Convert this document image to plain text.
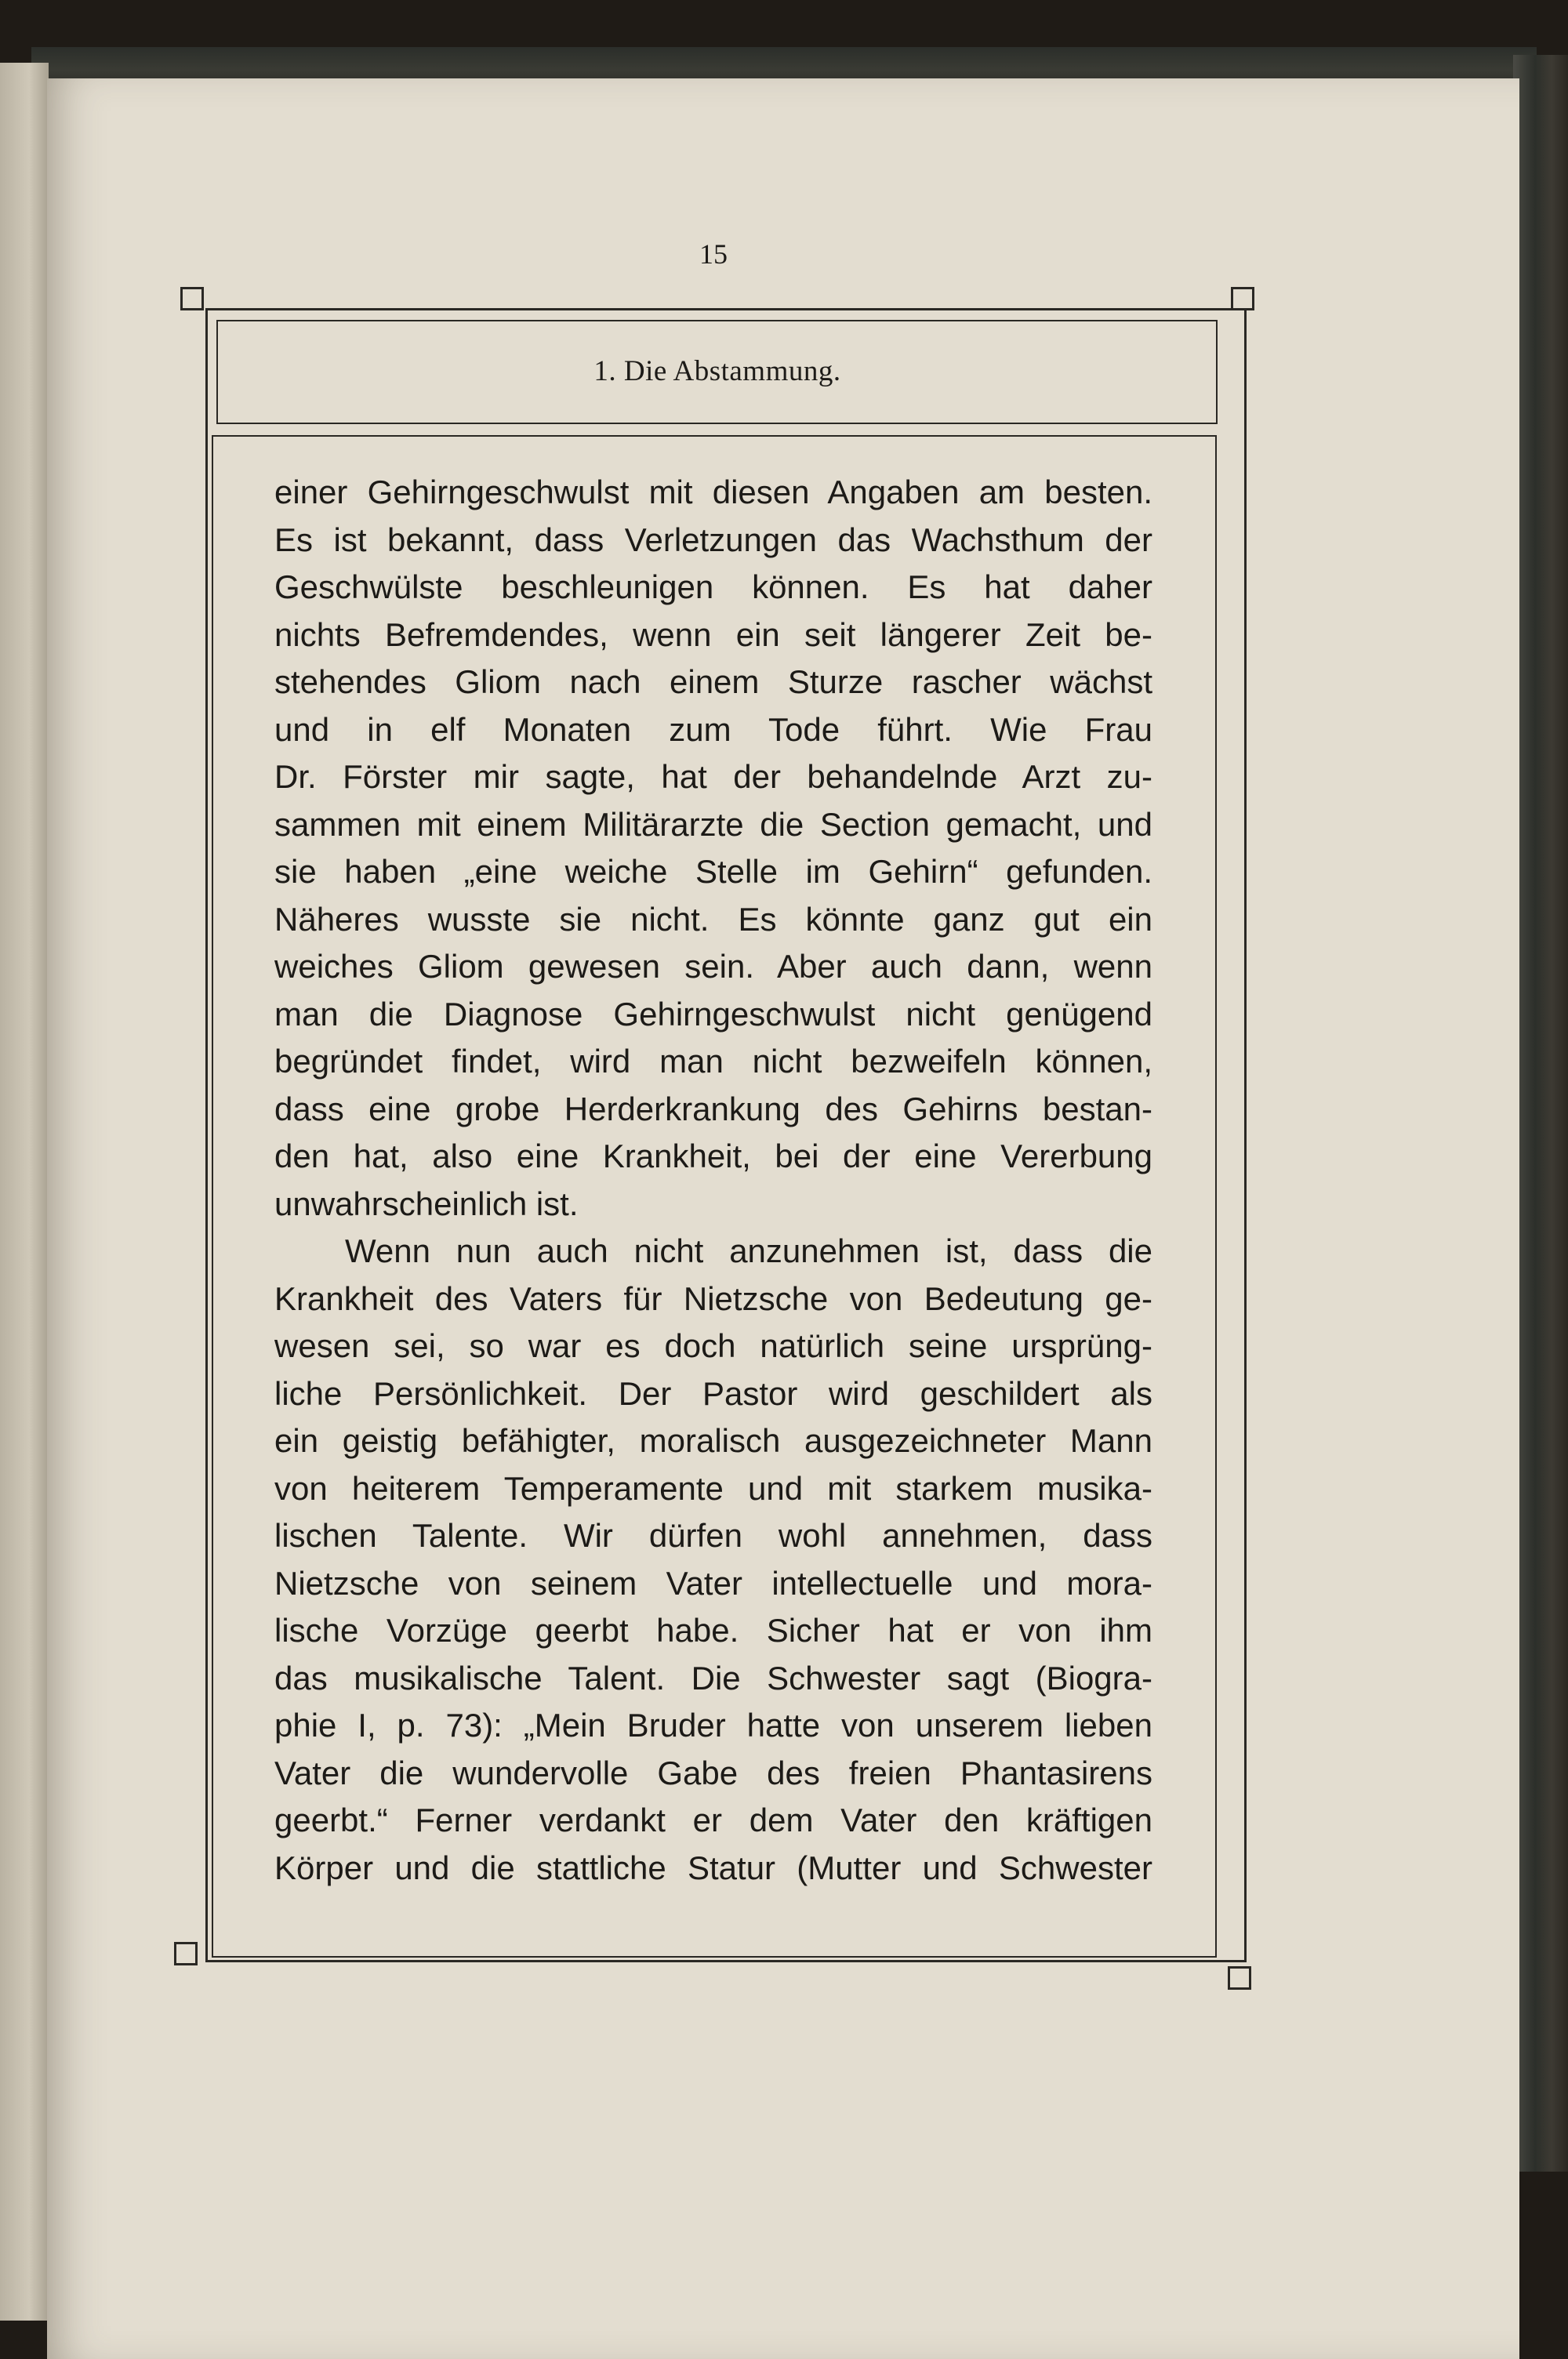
15
1. Die Abstammung.
einer Gehirngeschwulst mit diesen Angaben am besten.
Es ist bekannt, dass Verletzungen das Wachsthum der
Geschwülste beschleunigen können. Es hat daher
nichts Befremdendes, wenn ein seit längerer Zeit be-
stehendes Gliom nach einem Sturze rascher wächst
und in elf Monaten zum Tode führt. Wie Frau
Dr. Förster mir sagte, hat der behandelnde Arzt zu-
sammen mit einem Militärarzte die Section gemacht, und
sie haben „eine weiche Stelle im Gehirn“ gefunden.
Näheres wusste sie nicht. Es könnte ganz gut ein
weiches Gliom gewesen sein. Aber auch dann, wenn
man die Diagnose Gehirngeschwulst nicht genügend
begründet findet, wird man nicht bezweifeln können,
dass eine grobe Herderkrankung des Gehirns bestan-
den hat, also eine Krankheit, bei der eine Vererbung
unwahrscheinlich ist.
Wenn nun auch nicht anzunehmen ist, dass die
Krankheit des Vaters für Nietzsche von Bedeutung ge-
wesen sei, so war es doch natürlich seine ursprüng-
liche Persönlichkeit. Der Pastor wird geschildert als
ein geistig befähigter, moralisch ausgezeichneter Mann
von heiterem Temperamente und mit starkem musika-
lischen Talente. Wir dürfen wohl annehmen, dass
Nietzsche von seinem Vater intellectuelle und mora-
lische Vorzüge geerbt habe. Sicher hat er von ihm
das musikalische Talent. Die Schwester sagt (Biogra-
phie I, p. 73): „Mein Bruder hatte von unserem lieben
Vater die wundervolle Gabe des freien Phantasirens
geerbt.“ Ferner verdankt er dem Vater den kräftigen
Körper und die stattliche Statur (Mutter und Schwester
